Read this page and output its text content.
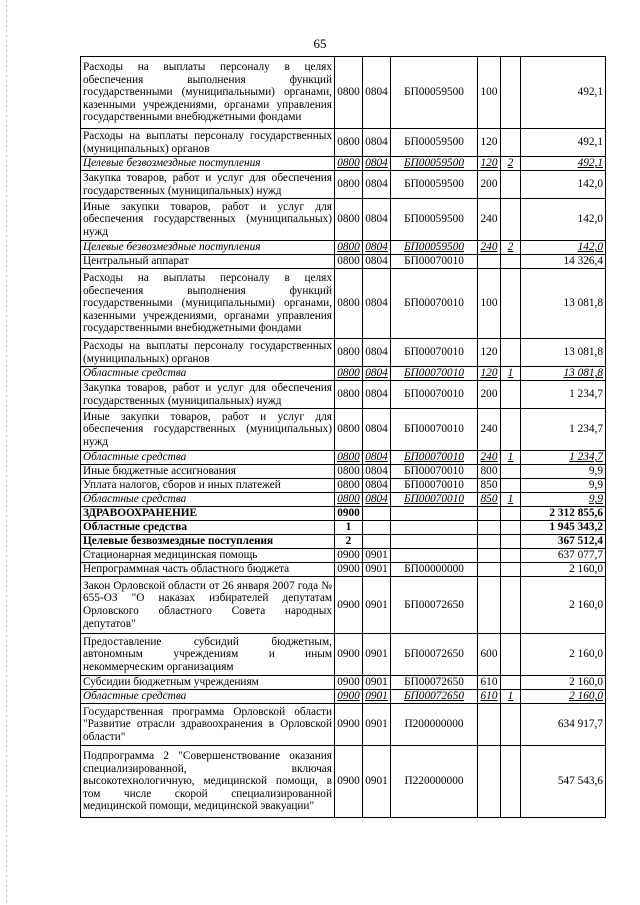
65
Расходы на выплаты персоналу в целях обеспечения выполнения функций государственными (муниципальными) органами, казенными учреждениями, органами управления государственными внебюджетными фондами	0800	0804	БП00059500	100		492,1
Расходы на выплаты персоналу государственных (муниципальных) органов	0800	0804	БП00059500	120		492,1
Целевые безвозмездные поступления	0800	0804	БП00059500	120	2	492,1
Закупка товаров, работ и услуг для обеспечения государственных (муниципальных) нужд	0800	0804	БП00059500	200		142,0
Иные закупки товаров, работ и услуг для обеспечения государственных (муниципальных) нужд	0800	0804	БП00059500	240		142,0
Целевые безвозмездные поступления	0800	0804	БП00059500	240	2	142,0
Центральный аппарат	0800	0804	БП00070010			14 326,4
Расходы на выплаты персоналу в целях обеспечения выполнения функций государственными (муниципальными) органами, казенными учреждениями, органами управления государственными внебюджетными фондами	0800	0804	БП00070010	100		13 081,8
Расходы на выплаты персоналу государственных (муниципальных) органов	0800	0804	БП00070010	120		13 081,8
Областные средства	0800	0804	БП00070010	120	1	13 081,8
Закупка товаров, работ и услуг для обеспечения государственных (муниципальных) нужд	0800	0804	БП00070010	200		1 234,7
Иные закупки товаров, работ и услуг для обеспечения государственных (муниципальных) нужд	0800	0804	БП00070010	240		1 234,7
Областные средства	0800	0804	БП00070010	240	1	1 234,7
Иные бюджетные ассигнования	0800	0804	БП00070010	800		9,9
Уплата налогов, сборов и иных платежей	0800	0804	БП00070010	850		9,9
Областные средства	0800	0804	БП00070010	850	1	9,9
ЗДРАВООХРАНЕНИЕ	0900					2 312 855,6
Областные средства	1					1 945 343,2
Целевые безвозмездные поступления	2					367 512,4
Стационарная медицинская помощь	0900	0901				637 077,7
Непрограммная часть областного бюджета	0900	0901	БП00000000			2 160,0
Закон Орловской области от 26 января 2007 года № 655-ОЗ "О наказах избирателей депутатам Орловского областного Совета народных депутатов"	0900	0901	БП00072650			2 160,0
Предоставление субсидий бюджетным, автономным учреждениям и иным некоммерческим организациям	0900	0901	БП00072650	600		2 160,0
Субсидии бюджетным учреждениям	0900	0901	БП00072650	610		2 160,0
Областные средства	0900	0901	БП00072650	610	1	2 160,0
Государственная программа Орловской области "Развитие отрасли здравоохранения в Орловской области"	0900	0901	П200000000			634 917,7
Подпрограмма 2 "Совершенствование оказания специализированной, включая высокотехнологичную, медицинской помощи, в том числе скорой специализированной медицинской помощи, медицинской эвакуации"	0900	0901	П220000000			547 543,6
